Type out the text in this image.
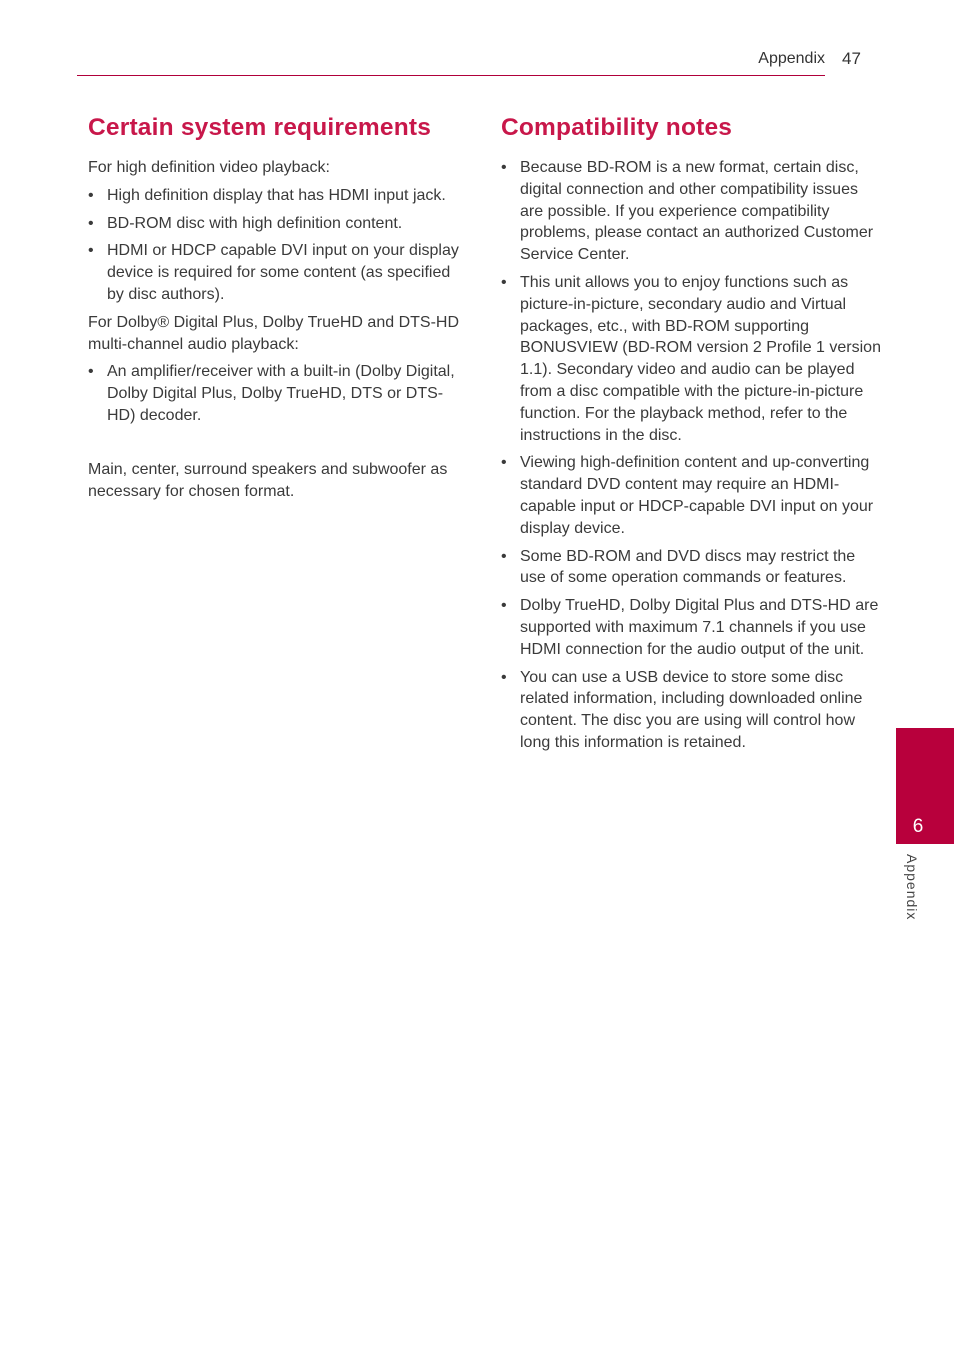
Appendix 47
Certain system requirements

For high definition video playback:

• High definition display that has HDMI input jack.
• BD-ROM disc with high definition content.
• HDMI or HDCP capable DVI input on your display device is required for some content (as specified by disc authors).

For Dolby® Digital Plus, Dolby TrueHD and DTS-HD multi-channel audio playback:

• An amplifier/receiver with a built-in (Dolby Digital, Dolby Digital Plus, Dolby TrueHD, DTS or DTS-HD) decoder.

Main, center, surround speakers and subwoofer as necessary for chosen format.

Compatibility notes
• Because BD-ROM is a new format, certain disc, digital connection and other compatibility issues are possible. If you experience compatibility problems, please contact an authorized Customer Service Center.
• This unit allows you to enjoy functions such as picture-in-picture, secondary audio and Virtual packages, etc., with BD-ROM supporting BONUSVIEW (BD-ROM version 2 Profile 1 version 1.1). Secondary video and audio can be played from a disc compatible with the picture-in-picture function. For the playback method, refer to the instructions in the disc.
• Viewing high-definition content and up-converting standard DVD content may require an HDMI-capable input or HDCP-capable DVI input on your display device.
• Some BD-ROM and DVD discs may restrict the use of some operation commands or features.
• Dolby TrueHD, Dolby Digital Plus and DTS-HD are supported with maximum 7.1 channels if you use HDMI connection for the audio output of the unit.
• You can use a USB device to store some disc related information, including downloaded online content. The disc you are using will control how long this information is retained.
6
Appendix
